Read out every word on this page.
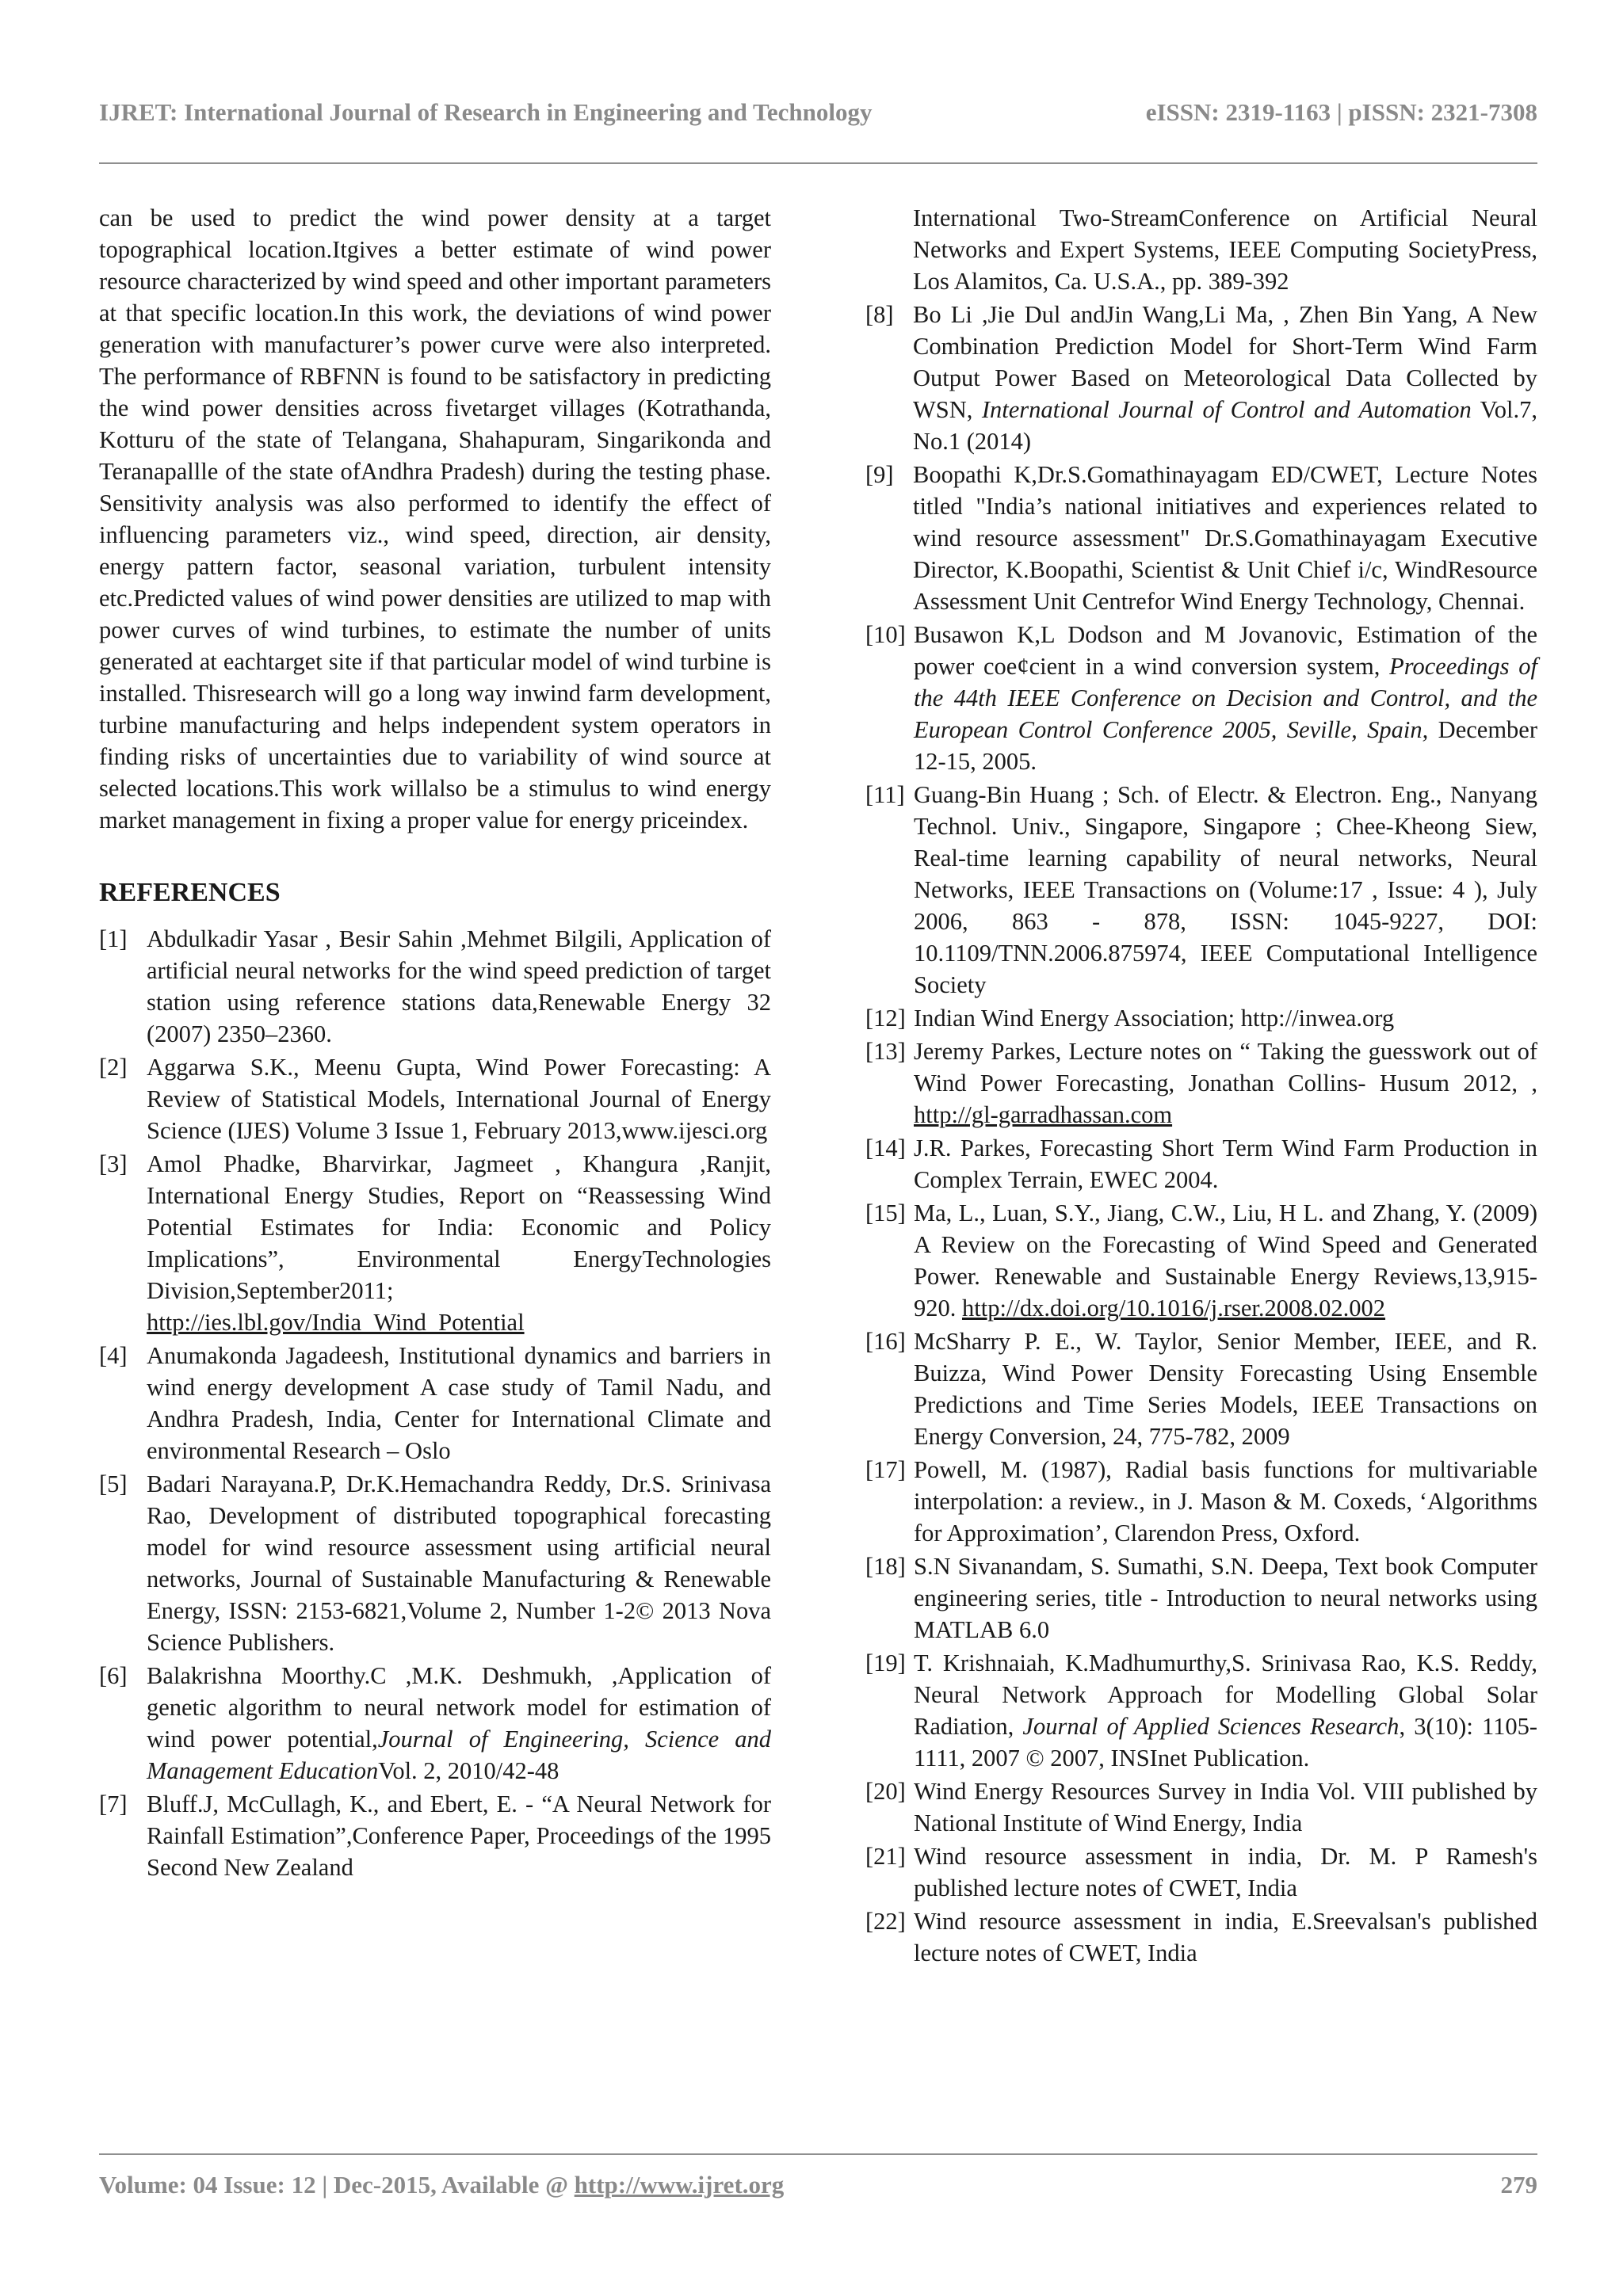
IJRET: International Journal of Research in Engineering and Technology	eISSN: 2319-1163 | pISSN: 2321-7308

can be used to predict the wind power density at a target topographical location.Itgives a better estimate of wind power resource characterized by wind speed and other important parameters at that specific location.In this work, the deviations of wind power generation with manufacturer’s power curve were also interpreted. The performance of RBFNN is found to be satisfactory in predicting the wind power densities across fivetarget villages (Kotrathanda, Kotturu of the state of Telangana, Shahapuram, Singarikonda and Teranapallle of the state ofAndhra Pradesh) during the testing phase. Sensitivity analysis was also performed to identify the effect of influencing parameters viz., wind speed, direction, air density, energy pattern factor, seasonal variation, turbulent intensity etc.Predicted values of wind power densities are utilized to map with power curves of wind turbines, to estimate the number of units generated at eachtarget site if that particular model of wind turbine is installed. Thisresearch will go a long way inwind farm development, turbine manufacturing and helps independent system operators in finding risks of uncertainties due to variability of wind source at selected locations.This work willalso be a stimulus to wind energy market management in fixing a proper value for energy priceindex.

REFERENCES
[1] Abdulkadir Yasar , Besir Sahin ,Mehmet Bilgili, Application of artificial neural networks for the wind speed prediction of target station using reference stations data,Renewable Energy 32 (2007) 2350–2360.
[2] Aggarwa S.K., Meenu Gupta, Wind Power Forecasting: A Review of Statistical Models, International Journal of Energy Science (IJES) Volume 3 Issue 1, February 2013,www.ijesci.org
[3] Amol Phadke, Bharvirkar, Jagmeet , Khangura ,Ranjit, International Energy Studies, Report on “Reassessing Wind Potential Estimates for India: Economic and Policy Implications”, Environmental EnergyTechnologies Division,September2011; http://ies.lbl.gov/India_Wind_Potential
[4] Anumakonda Jagadeesh, Institutional dynamics and barriers in wind energy development A case study of Tamil Nadu, and Andhra Pradesh, India, Center for International Climate and environmental Research – Oslo
[5] Badari Narayana.P, Dr.K.Hemachandra Reddy, Dr.S. Srinivasa Rao, Development of distributed topographical forecasting model for wind resource assessment using artificial neural networks, Journal of Sustainable Manufacturing & Renewable Energy, ISSN: 2153-6821,Volume 2, Number 1-2© 2013 Nova Science Publishers.
[6] Balakrishna Moorthy.C ,M.K. Deshmukh, ,Application of genetic algorithm to neural network model for estimation of wind power potential,Journal of Engineering, Science and Management EducationVol. 2, 2010/42-48
[7] Bluff.J, McCullagh, K., and Ebert, E. - “A Neural Network for Rainfall Estimation”,Conference Paper, Proceedings of the 1995 Second New Zealand
International Two-StreamConference on Artificial Neural Networks and Expert Systems, IEEE Computing SocietyPress, Los Alamitos, Ca. U.S.A., pp. 389-392
[8] Bo Li ,Jie Dul andJin Wang,Li Ma, , Zhen Bin Yang, A New Combination Prediction Model for Short-Term Wind Farm Output Power Based on Meteorological Data Collected by WSN, International Journal of Control and Automation Vol.7, No.1 (2014)
[9] Boopathi K,Dr.S.Gomathinayagam ED/CWET, Lecture Notes titled "India’s national initiatives and experiences related to wind resource assessment" Dr.S.Gomathinayagam Executive Director, K.Boopathi, Scientist & Unit Chief i/c, WindResource Assessment Unit Centrefor Wind Energy Technology, Chennai.
[10] Busawon K,L Dodson and M Jovanovic, Estimation of the power coe¢cient in a wind conversion system, Proceedings of the 44th IEEE Conference on Decision and Control, and the European Control Conference 2005, Seville, Spain, December 12-15, 2005.
[11] Guang-Bin Huang ; Sch. of Electr. & Electron. Eng., Nanyang Technol. Univ., Singapore, Singapore ; Chee-Kheong Siew, Real-time learning capability of neural networks, Neural Networks, IEEE Transactions on (Volume:17 , Issue: 4 ), July 2006, 863 - 878, ISSN: 1045-9227, DOI: 10.1109/TNN.2006.875974, IEEE Computational Intelligence Society
[12] Indian Wind Energy Association; http://inwea.org
[13] Jeremy Parkes, Lecture notes on “ Taking the guesswork out of Wind Power Forecasting, Jonathan Collins- Husum 2012, , http://gl-garradhassan.com
[14] J.R. Parkes, Forecasting Short Term Wind Farm Production in Complex Terrain, EWEC 2004.
[15] Ma, L., Luan, S.Y., Jiang, C.W., Liu, H L. and Zhang, Y. (2009) A Review on the Forecasting of Wind Speed and Generated Power. Renewable and Sustainable Energy Reviews,13,915-920. http://dx.doi.org/10.1016/j.rser.2008.02.002
[16] McSharry P. E., W. Taylor, Senior Member, IEEE, and R. Buizza, Wind Power Density Forecasting Using Ensemble Predictions and Time Series Models, IEEE Transactions on Energy Conversion, 24, 775-782, 2009
[17] Powell, M. (1987), Radial basis functions for multivariable interpolation: a review., in J. Mason & M. Coxeds, ‘Algorithms for Approximation’, Clarendon Press, Oxford.
[18] S.N Sivanandam, S. Sumathi, S.N. Deepa, Text book Computer engineering series, title - Introduction to neural networks using MATLAB 6.0
[19] T. Krishnaiah, K.Madhumurthy,S. Srinivasa Rao, K.S. Reddy, Neural Network Approach for Modelling Global Solar Radiation, Journal of Applied Sciences Research, 3(10): 1105-1111, 2007 © 2007, INSInet Publication.
[20] Wind Energy Resources Survey in India Vol. VIII published by National Institute of Wind Energy, India
[21] Wind resource assessment in india, Dr. M. P Ramesh's published lecture notes of CWET, India
[22] Wind resource assessment in india, E.Sreevalsan's published lecture notes of CWET, India
Volume: 04 Issue: 12 | Dec-2015, Available @ http://www.ijret.org	279
